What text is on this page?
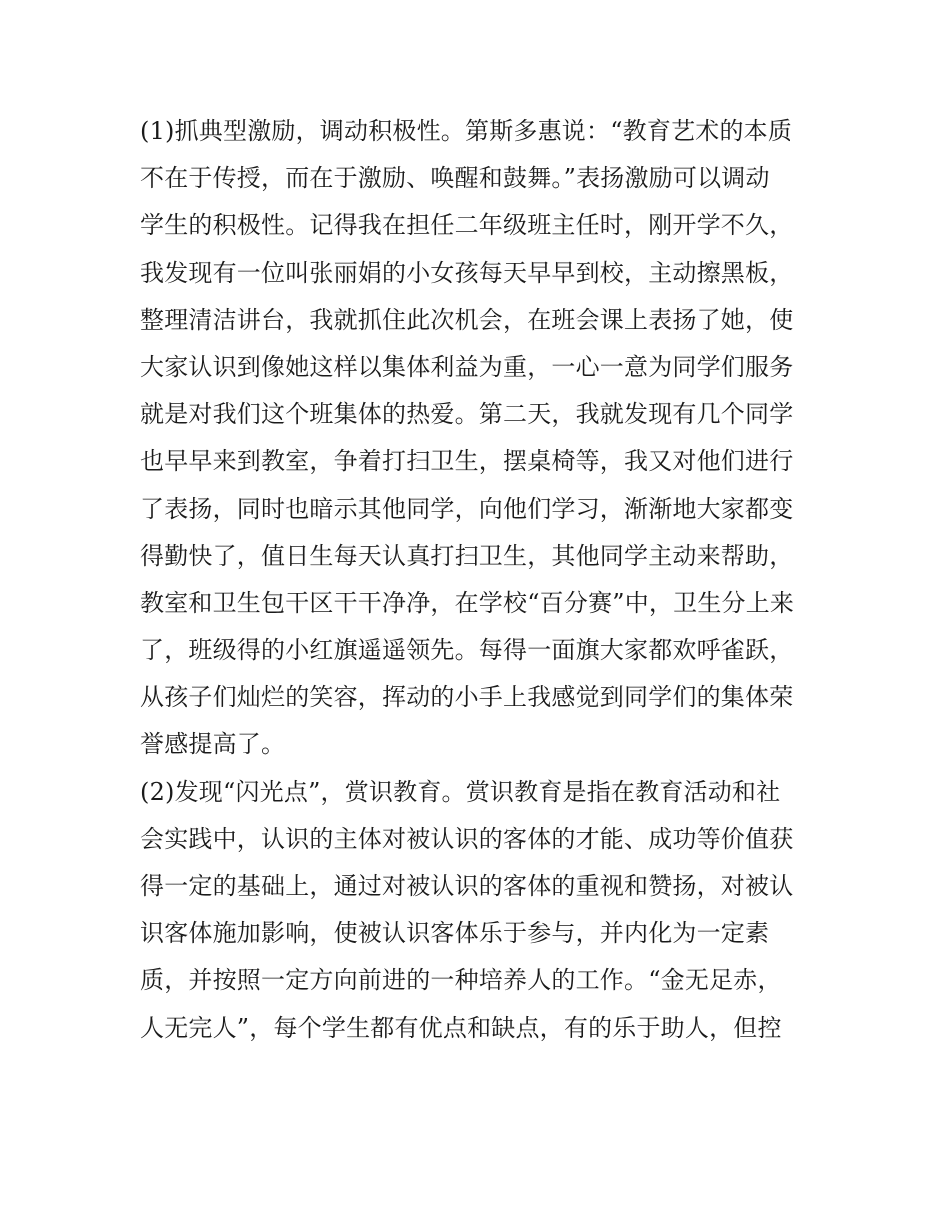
(1)抓典型激励，调动积极性。第斯多惠说：“教育艺术的本质
不在于传授，而在于激励、唤醒和鼓舞。”表扬激励可以调动
学生的积极性。记得我在担任二年级班主任时，刚开学不久，
我发现有一位叫张丽娟的小女孩每天早早到校，主动擦黑板，
整理清洁讲台，我就抓住此次机会，在班会课上表扬了她，使
大家认识到像她这样以集体利益为重，一心一意为同学们服务
就是对我们这个班集体的热爱。第二天，我就发现有几个同学
也早早来到教室，争着打扫卫生，摆桌椅等，我又对他们进行
了表扬，同时也暗示其他同学，向他们学习，渐渐地大家都变
得勤快了，值日生每天认真打扫卫生，其他同学主动来帮助，
教室和卫生包干区干干净净，在学校“百分赛”中，卫生分上来
了，班级得的小红旗遥遥领先。每得一面旗大家都欢呼雀跃，
从孩子们灿烂的笑容，挥动的小手上我感觉到同学们的集体荣
誉感提高了。
(2)发现“闪光点”，赏识教育。赏识教育是指在教育活动和社
会实践中，认识的主体对被认识的客体的才能、成功等价值获
得一定的基础上，通过对被认识的客体的重视和赞扬，对被认
识客体施加影响，使被认识客体乐于参与，并内化为一定素
质，并按照一定方向前进的一种培养人的工作。“金无足赤，
人无完人”，每个学生都有优点和缺点，有的乐于助人，但控
